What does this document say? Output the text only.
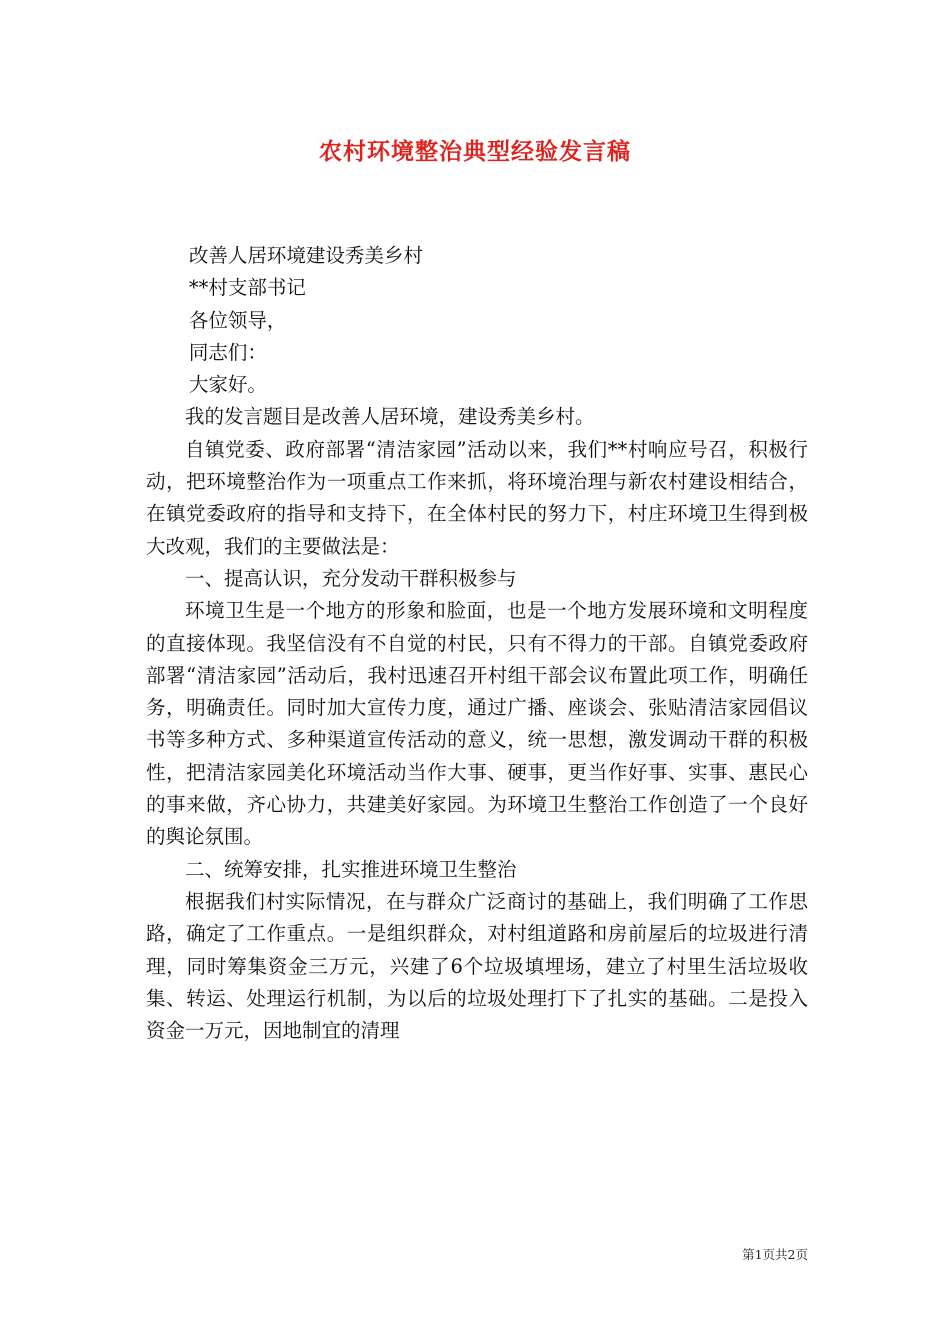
农村环境整治典型经验发言稿

改善人居环境建设秀美乡村

**村支部书记

各位领导，

同志们：

大家好。

我的发言题目是改善人居环境，建设秀美乡村。

自镇党委、政府部署“清洁家园”活动以来，我们**村响应号召，积极行动，把环境整治作为一项重点工作来抓，将环境治理与新农村建设相结合，在镇党委政府的指导和支持下，在全体村民的努力下，村庄环境卫生得到极大改观，我们的主要做法是：

一、提高认识，充分发动干群积极参与

环境卫生是一个地方的形象和脸面，也是一个地方发展环境和文明程度的直接体现。我坚信没有不自觉的村民，只有不得力的干部。自镇党委政府部署“清洁家园”活动后，我村迅速召开村组干部会议布置此项工作，明确任务，明确责任。同时加大宣传力度，通过广播、座谈会、张贴清洁家园倡议书等多种方式、多种渠道宣传活动的意义，统一思想，激发调动干群的积极性，把清洁家园美化环境活动当作大事、硬事，更当作好事、实事、惠民心的事来做，齐心协力，共建美好家园。为环境卫生整治工作创造了一个良好的舆论氛围。

二、统筹安排，扎实推进环境卫生整治

根据我们村实际情况，在与群众广泛商讨的基础上，我们明确了工作思路，确定了工作重点。一是组织群众，对村组道路和房前屋后的垃圾进行清理，同时筹集资金三万元，兴建了6个垃圾填埋场，建立了村里生活垃圾收集、转运、处理运行机制，为以后的垃圾处理打下了扎实的基础。二是投入资金一万元，因地制宜的清理

第1页共2页
